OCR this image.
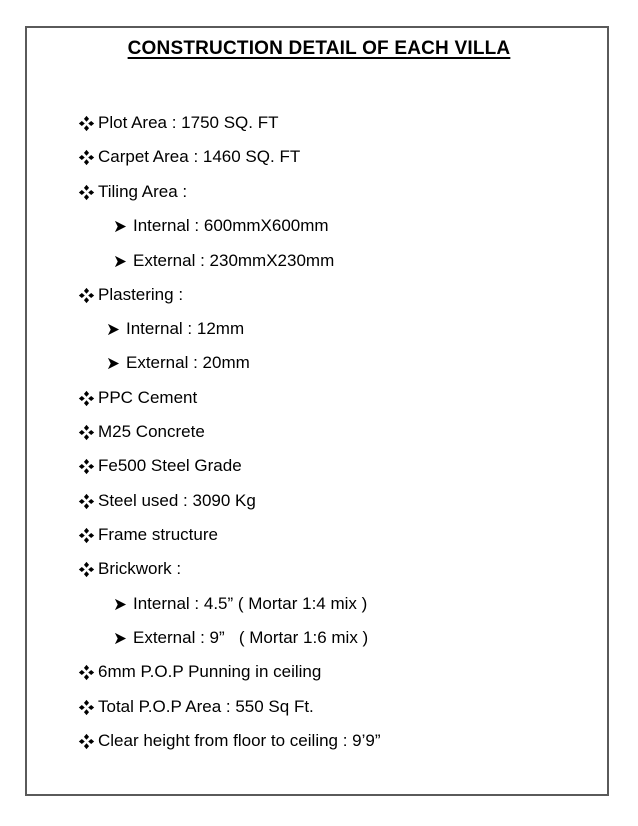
CONSTRUCTION DETAIL OF EACH VILLA
Plot Area : 1750 SQ. FT
Carpet Area : 1460 SQ. FT
Tiling Area :
Internal : 600mmX600mm
External : 230mmX230mm
Plastering :
Internal : 12mm
External : 20mm
PPC Cement
M25 Concrete
Fe500 Steel Grade
Steel used : 3090 Kg
Frame structure
Brickwork :
Internal : 4.5” ( Mortar 1:4 mix )
External : 9”   ( Mortar 1:6 mix )
6mm P.O.P Punning in ceiling
Total P.O.P Area : 550 Sq Ft.
Clear height from floor to ceiling : 9’9”
